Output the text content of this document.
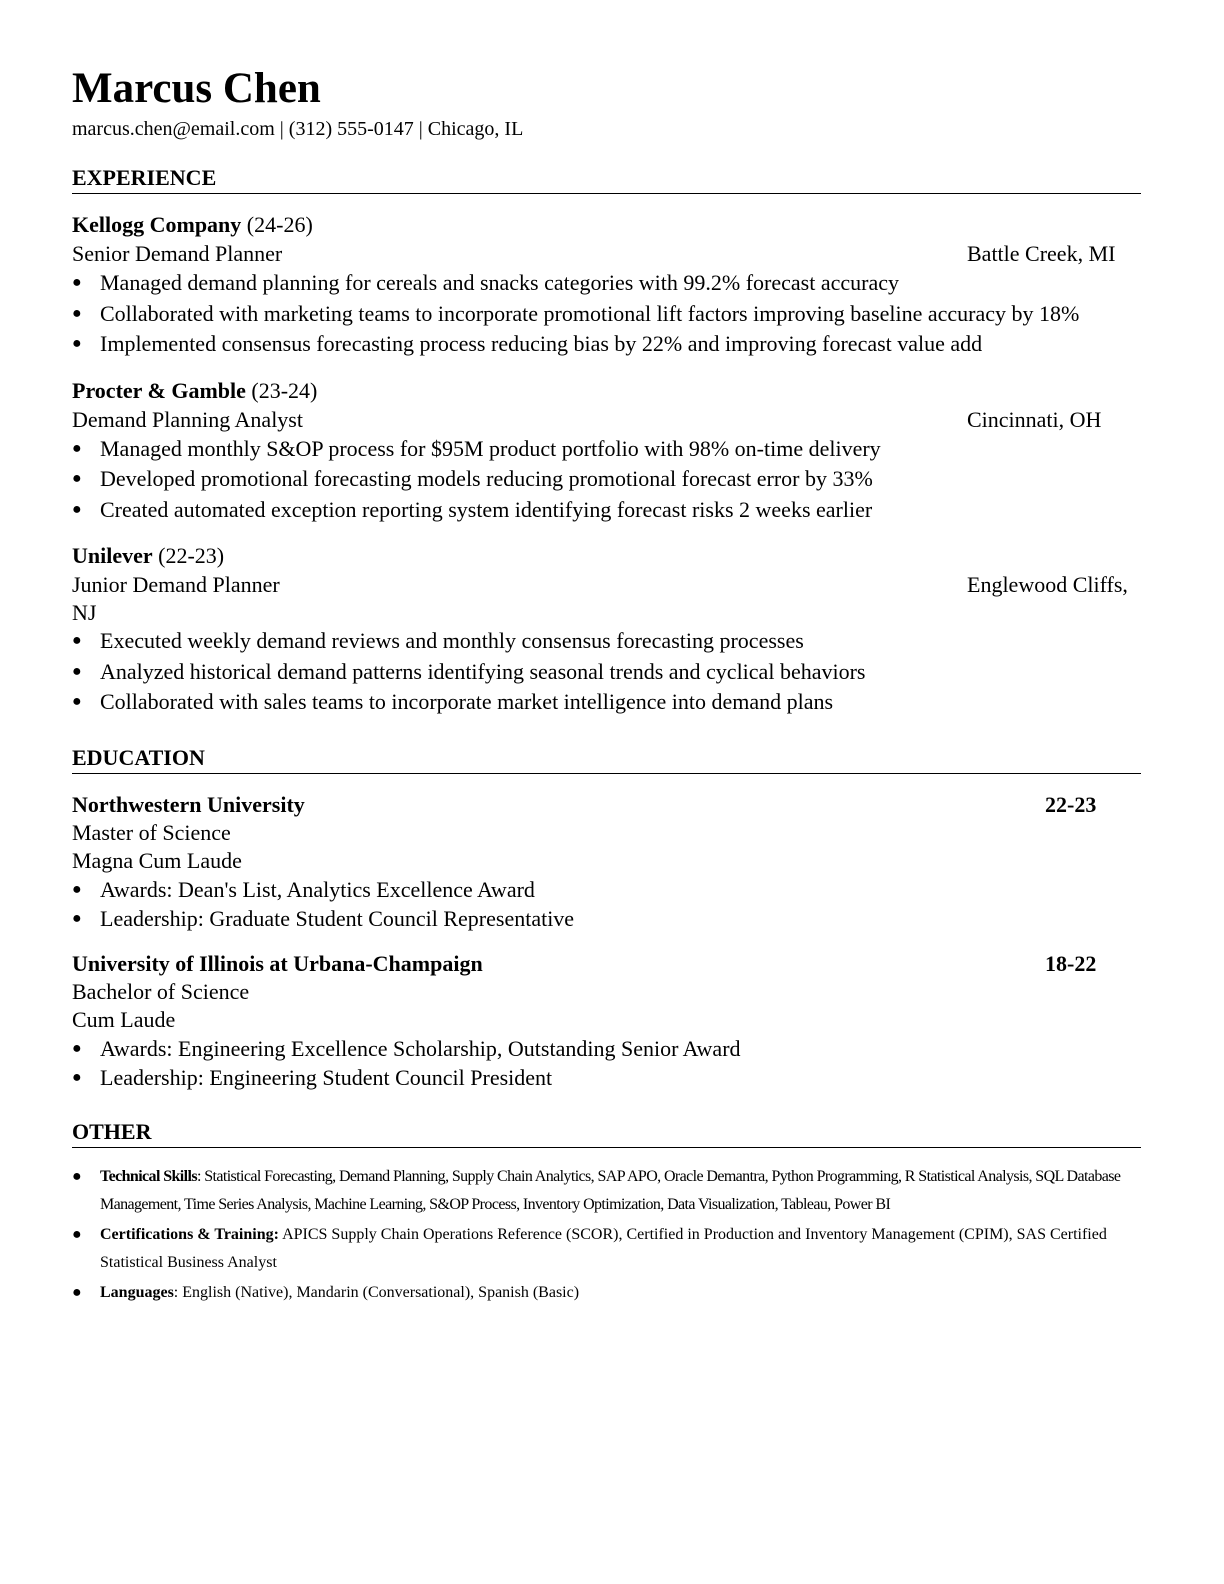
Marcus Chen
marcus.chen@email.com | (312) 555-0147 | Chicago, IL
EXPERIENCE
Kellogg Company (24-26)
Senior Demand Planner	Battle Creek, MI
● Managed demand planning for cereals and snacks categories with 99.2% forecast accuracy
● Collaborated with marketing teams to incorporate promotional lift factors improving baseline accuracy by 18%
● Implemented consensus forecasting process reducing bias by 22% and improving forecast value add
Procter & Gamble (23-24)
Demand Planning Analyst	Cincinnati, OH
● Managed monthly S&OP process for $95M product portfolio with 98% on-time delivery
● Developed promotional forecasting models reducing promotional forecast error by 33%
● Created automated exception reporting system identifying forecast risks 2 weeks earlier
Unilever (22-23)
Junior Demand Planner	Englewood Cliffs,
NJ
● Executed weekly demand reviews and monthly consensus forecasting processes
● Analyzed historical demand patterns identifying seasonal trends and cyclical behaviors
● Collaborated with sales teams to incorporate market intelligence into demand plans
EDUCATION
Northwestern University	22-23
Master of Science
Magna Cum Laude
● Awards: Dean's List, Analytics Excellence Award
● Leadership: Graduate Student Council Representative
University of Illinois at Urbana-Champaign	18-22
Bachelor of Science
Cum Laude
● Awards: Engineering Excellence Scholarship, Outstanding Senior Award
● Leadership: Engineering Student Council President
OTHER
● Technical Skills: Statistical Forecasting, Demand Planning, Supply Chain Analytics, SAP APO, Oracle Demantra, Python Programming, R Statistical Analysis, SQL Database Management, Time Series Analysis, Machine Learning, S&OP Process, Inventory Optimization, Data Visualization, Tableau, Power BI
● Certifications & Training: APICS Supply Chain Operations Reference (SCOR), Certified in Production and Inventory Management (CPIM), SAS Certified Statistical Business Analyst
● Languages: English (Native), Mandarin (Conversational), Spanish (Basic)
